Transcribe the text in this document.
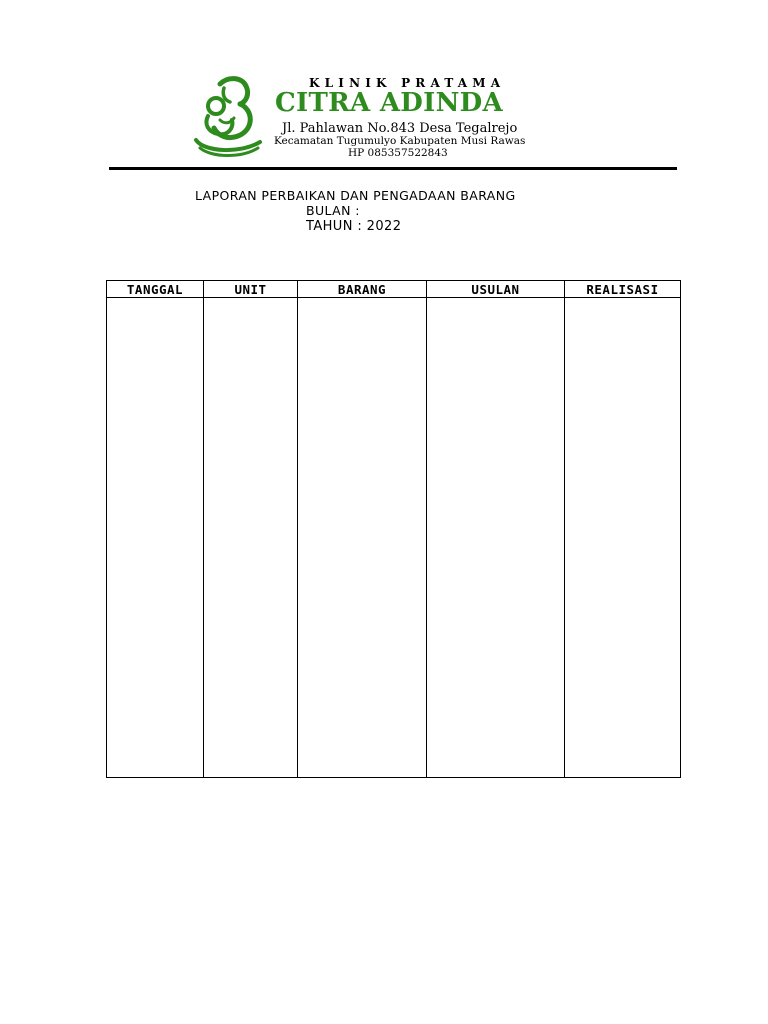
KLINIK PRATAMA
CITRA ADINDA
Jl. Pahlawan No.843 Desa Tegalrejo
Kecamatan Tugumulyo Kabupaten Musi Rawas
HP 085357522843
LAPORAN PERBAIKAN DAN PENGADAAN BARANG
BULAN :
TAHUN : 2022
TANGGAL	UNIT	BARANG	USULAN	REALISASI
